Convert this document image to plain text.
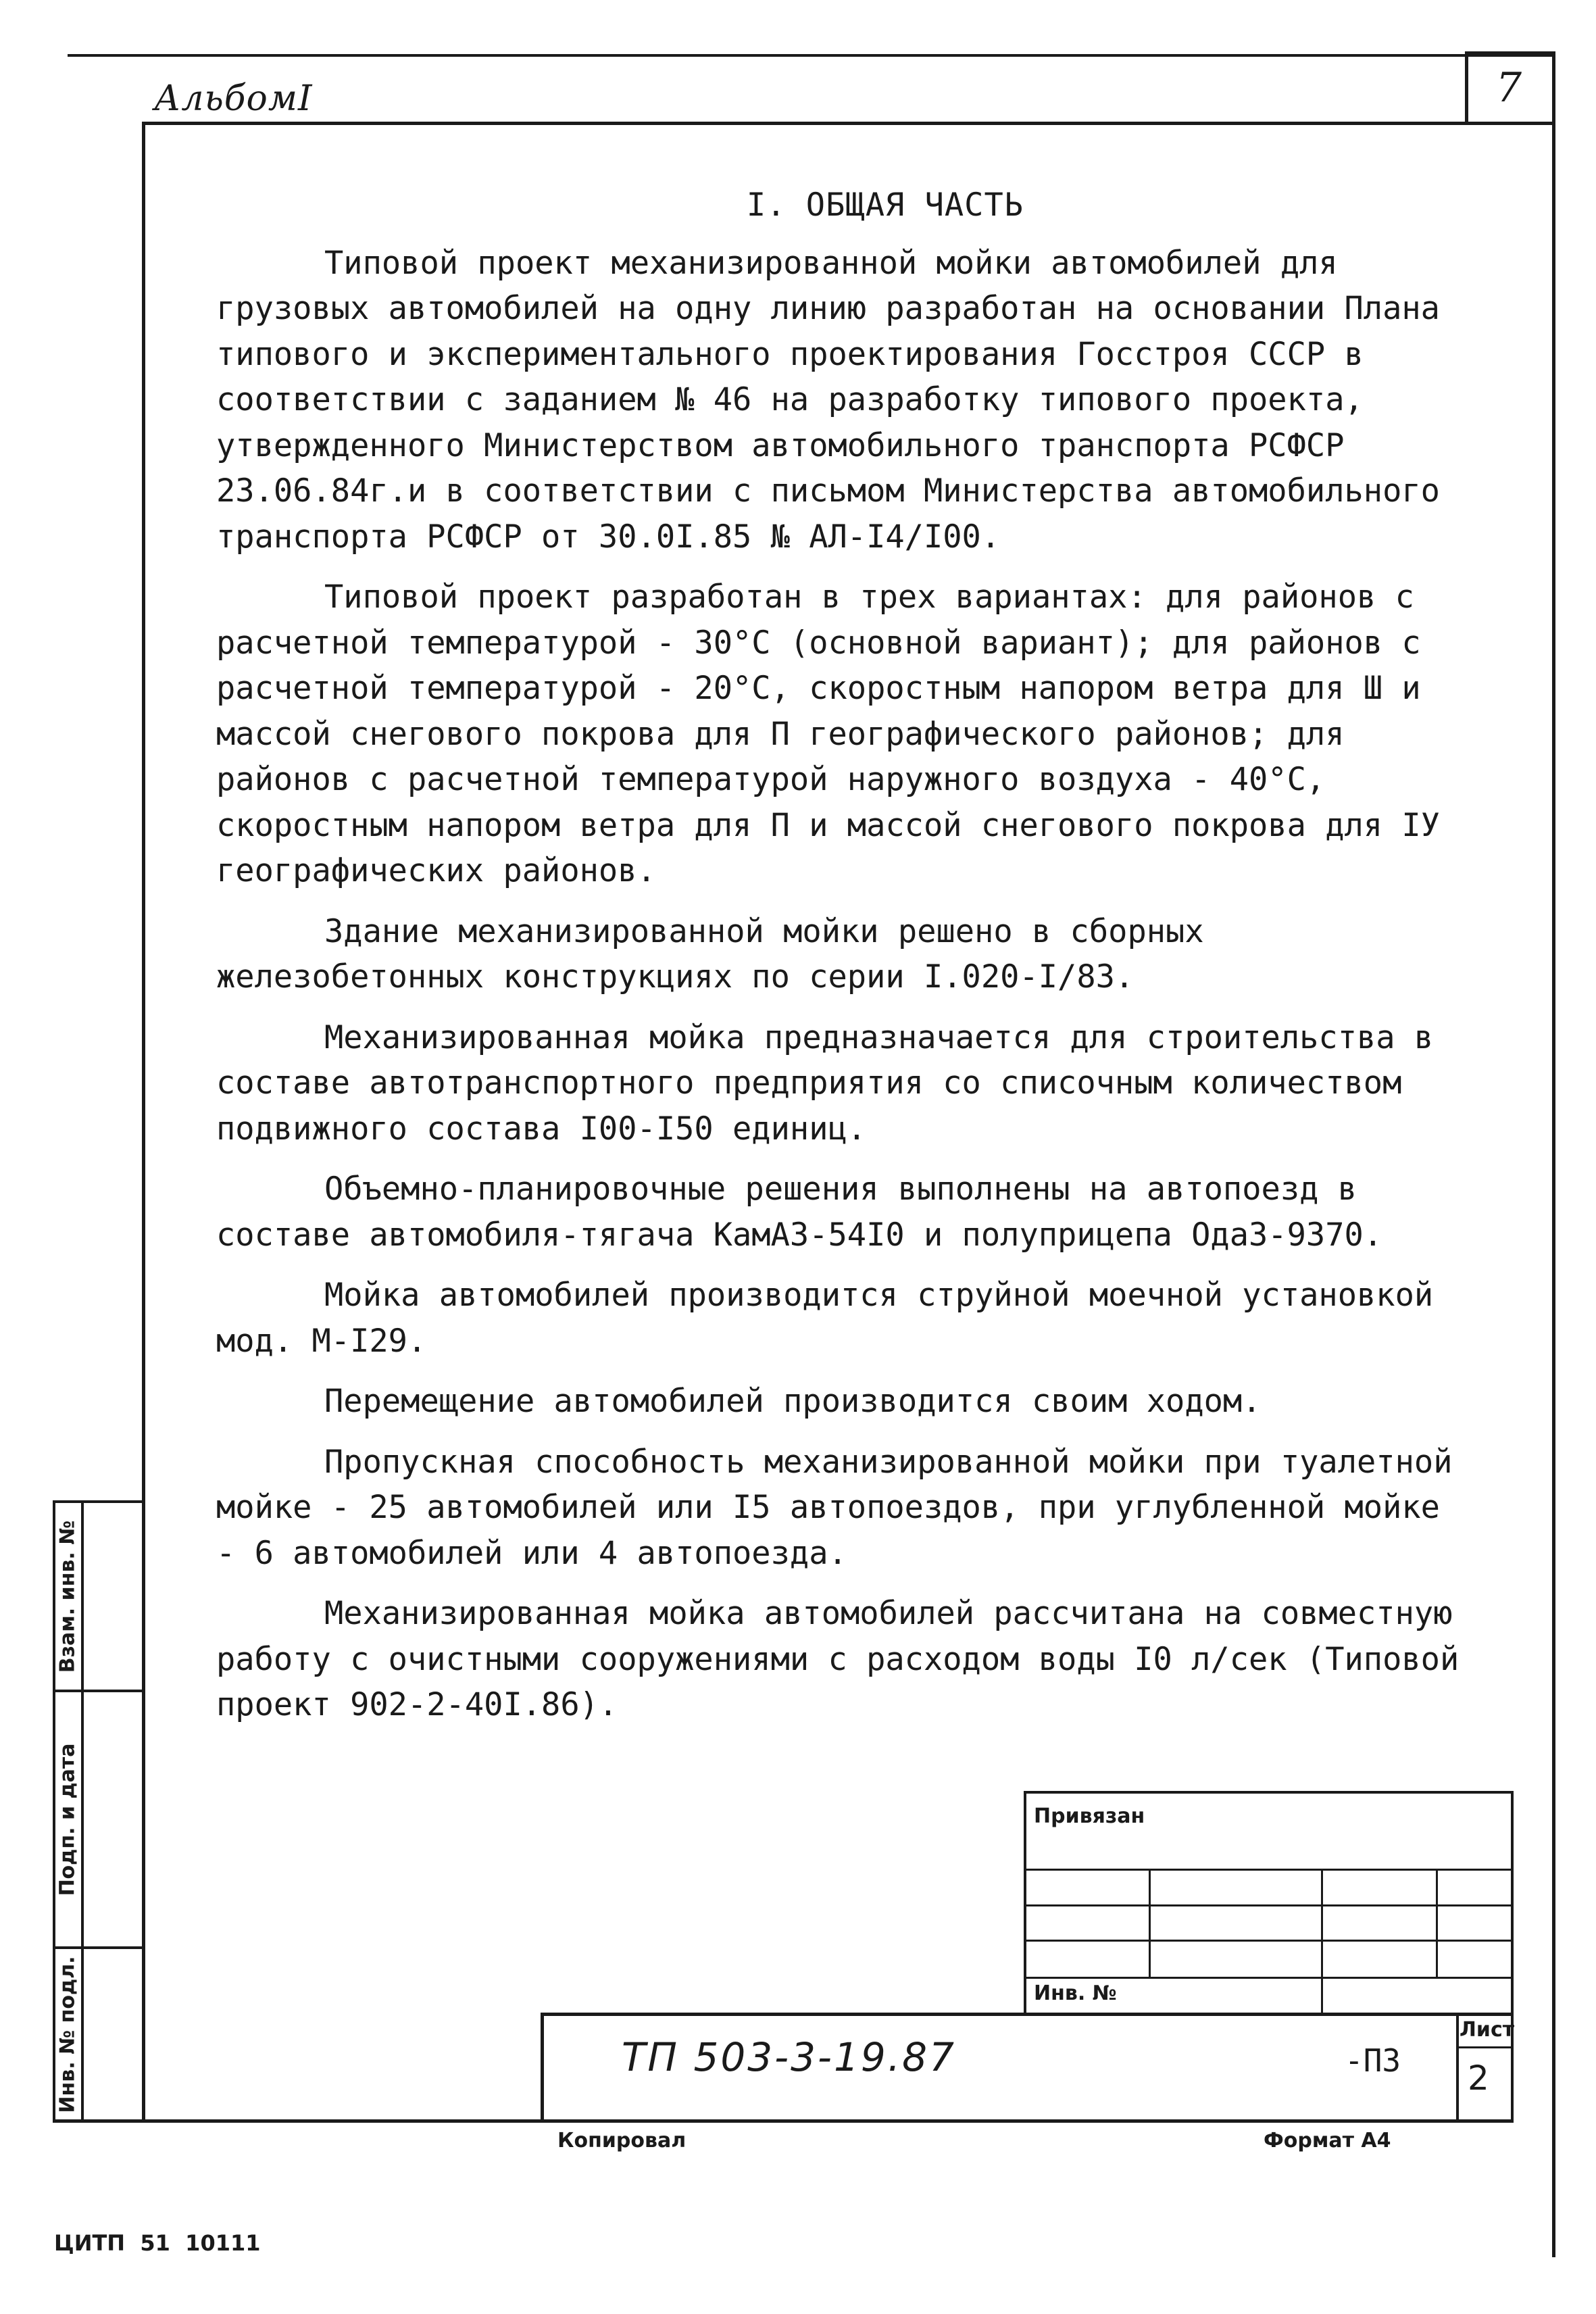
АльбомI	7
I. ОБЩАЯ ЧАСТЬ

Типовой проект механизированной мойки автомобилей для грузовых автомобилей на одну линию разработан на основании Плана типового и экспериментального проектирования Госстроя СССР в соответствии с заданием № 46 на разработку типового проекта, утвержденного Министерством автомобильного транспорта РСФСР 23.06.84г.и в соответствии с письмом Министерства автомобильного транспорта РСФСР от 30.0I.85 № АЛ-I4/I00.

Типовой проект разработан в трех вариантах: для районов с расчетной температурой - 30°С (основной вариант); для районов с расчетной температурой - 20°С, скоростным напором ветра для Ш и массой снегового покрова для П географического районов; для районов с расчетной температурой наружного воздуха - 40°С, скоростным напором ветра для П и массой снегового покрова для IУ географических районов.

Здание механизированной мойки решено в сборных железобетонных конструкциях по серии I.020-I/83.

Механизированная мойка предназначается для строительства в составе автотранспортного предприятия со списочным количеством подвижного состава I00-I50 единиц.

Объемно-планировочные решения выполнены на автопоезд в составе автомобиля-тягача КамАЗ-54I0 и полуприцепа ОдаЗ-9370.

Мойка автомобилей производится струйной моечной установкой мод. М-I29.

Перемещение автомобилей производится своим ходом.

Пропускная способность механизированной мойки при туалетной мойке - 25 автомобилей или I5 автопоездов, при углубленной мойке - 6 автомобилей или 4 автопоезда.

Механизированная мойка автомобилей рассчитана на совместную работу с очистными сооружениями с расходом воды I0 л/сек (Типовой проект 902-2-40I.86).

Взам. инв. №
Подп. и дата
Инв. № подл.
Привязан
Инв. №
ТП 503-3-19.87	-ПЗ
Лист
2
Копировал	Формат А4
ЦИТП  51  10111
